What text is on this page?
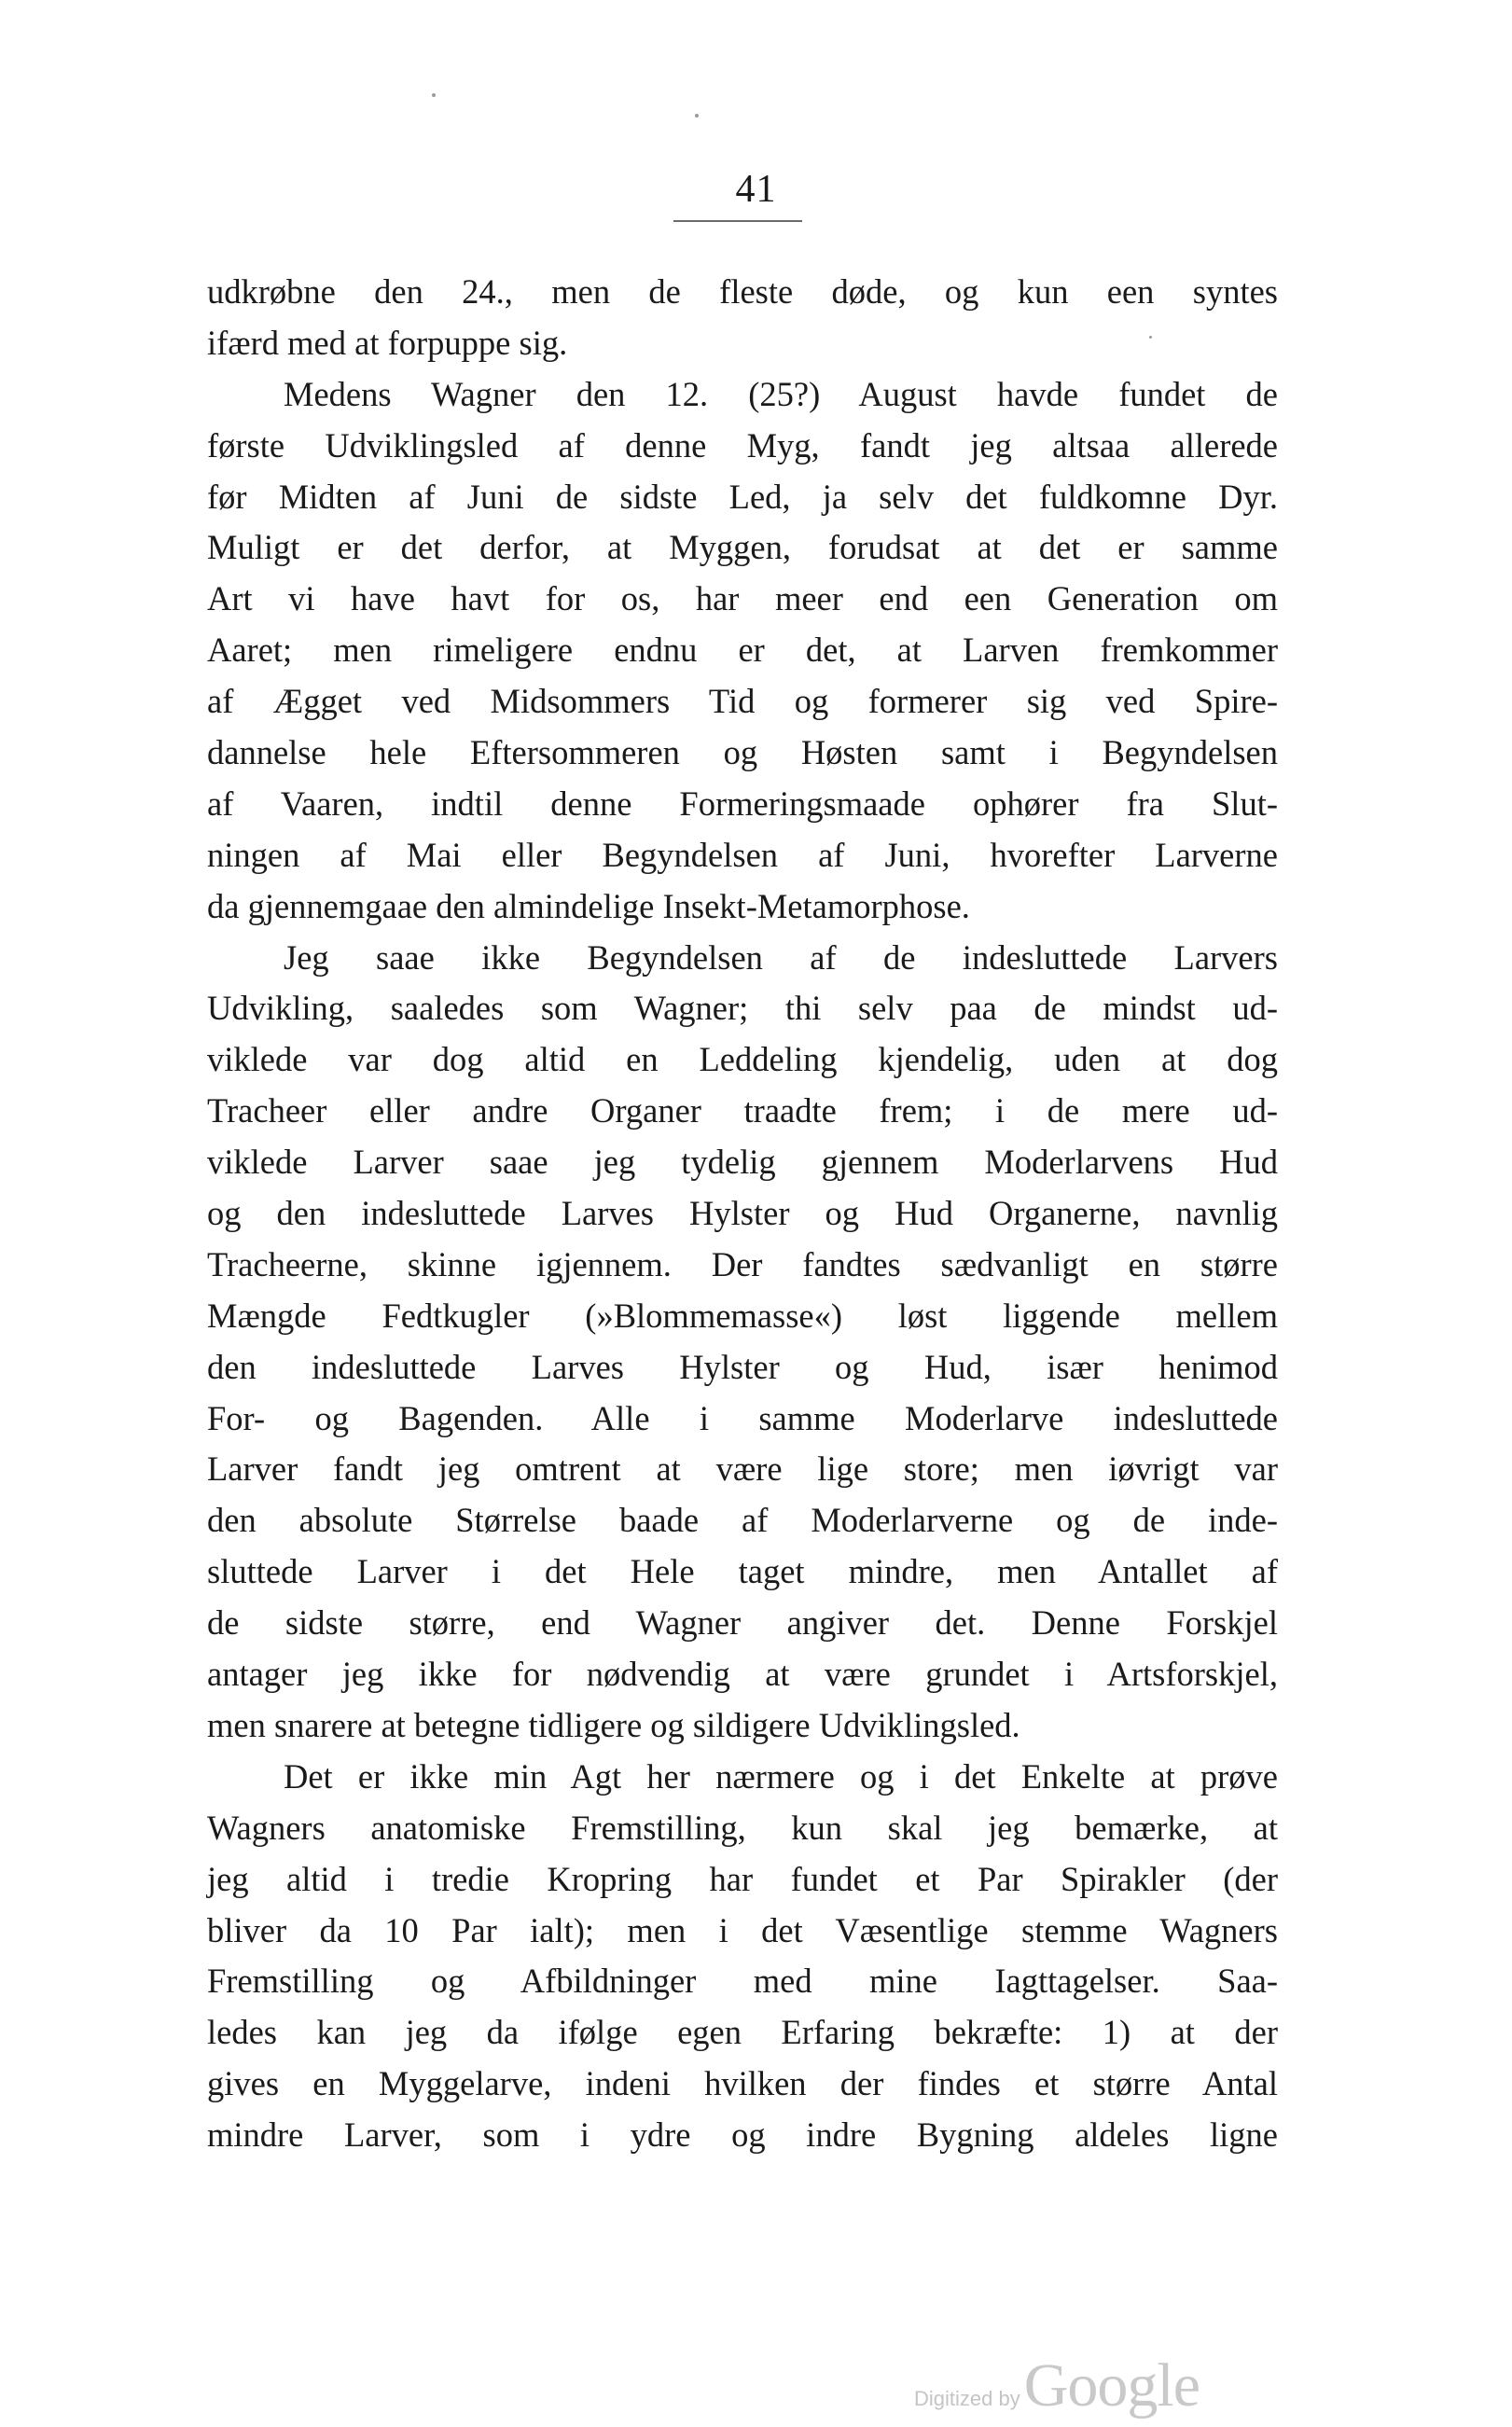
41
udkrøbne den 24., men de fleste døde, og kun een syntes
ifærd med at forpuppe sig.
Medens Wagner den 12. (25?) August havde fundet de
første Udviklingsled af denne Myg, fandt jeg altsaa allerede
før Midten af Juni de sidste Led, ja selv det fuldkomne Dyr.
Muligt er det derfor, at Myggen, forudsat at det er samme
Art vi have havt for os, har meer end een Generation om
Aaret; men rimeligere endnu er det, at Larven fremkommer
af Ægget ved Midsommers Tid og formerer sig ved Spire-
dannelse hele Eftersommeren og Høsten samt i Begyndelsen
af Vaaren, indtil denne Formeringsmaade ophører fra Slut-
ningen af Mai eller Begyndelsen af Juni, hvorefter Larverne
da gjennemgaae den almindelige Insekt-Metamorphose.
Jeg saae ikke Begyndelsen af de indesluttede Larvers
Udvikling, saaledes som Wagner; thi selv paa de mindst ud-
viklede var dog altid en Leddeling kjendelig, uden at dog
Tracheer eller andre Organer traadte frem; i de mere ud-
viklede Larver saae jeg tydelig gjennem Moderlarvens Hud
og den indesluttede Larves Hylster og Hud Organerne, navnlig
Tracheerne, skinne igjennem. Der fandtes sædvanligt en større
Mængde Fedtkugler (»Blommemasse«) løst liggende mellem
den indesluttede Larves Hylster og Hud, især henimod
For- og Bagenden. Alle i samme Moderlarve indesluttede
Larver fandt jeg omtrent at være lige store; men iøvrigt var
den absolute Størrelse baade af Moderlarverne og de inde-
sluttede Larver i det Hele taget mindre, men Antallet af
de sidste større, end Wagner angiver det. Denne Forskjel
antager jeg ikke for nødvendig at være grundet i Artsforskjel,
men snarere at betegne tidligere og sildigere Udviklingsled.
Det er ikke min Agt her nærmere og i det Enkelte at prøve
Wagners anatomiske Fremstilling, kun skal jeg bemærke, at
jeg altid i tredie Kropring har fundet et Par Spirakler (der
bliver da 10 Par ialt); men i det Væsentlige stemme Wagners
Fremstilling og Afbildninger med mine Iagttagelser. Saa-
ledes kan jeg da ifølge egen Erfaring bekræfte: 1) at der
gives en Myggelarve, indeni hvilken der findes et større Antal
mindre Larver, som i ydre og indre Bygning aldeles ligne
Digitized byGoogle
